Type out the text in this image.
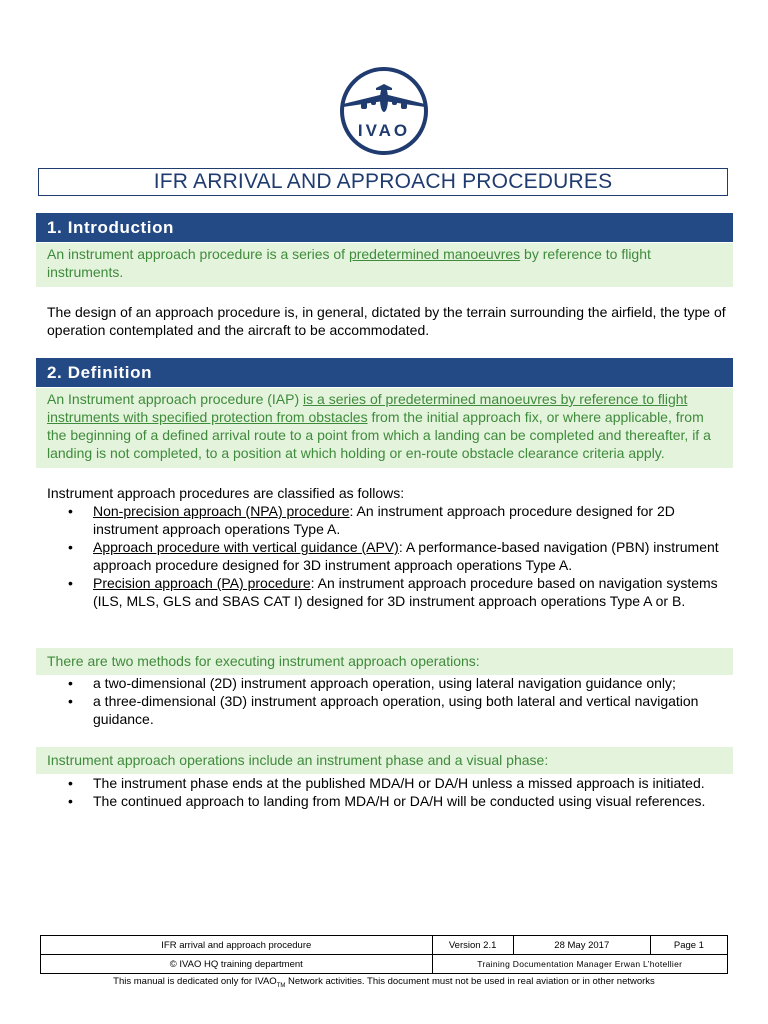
IVAO
IFR ARRIVAL AND APPROACH PROCEDURES
1. Introduction
An instrument approach procedure is a series of predetermined manoeuvres by reference to flight instruments.
The design of an approach procedure is, in general, dictated by the terrain surrounding the airfield, the type of operation contemplated and the aircraft to be accommodated.
2. Definition
An Instrument approach procedure (IAP) is a series of predetermined manoeuvres by reference to flight instruments with specified protection from obstacles from the initial approach fix, or where applicable, from the beginning of a defined arrival route to a point from which a landing can be completed and thereafter, if a landing is not completed, to a position at which holding or en-route obstacle clearance criteria apply.
Instrument approach procedures are classified as follows:
• Non-precision approach (NPA) procedure: An instrument approach procedure designed for 2D instrument approach operations Type A.
• Approach procedure with vertical guidance (APV): A performance-based navigation (PBN) instrument approach procedure designed for 3D instrument approach operations Type A.
• Precision approach (PA) procedure: An instrument approach procedure based on navigation systems (ILS, MLS, GLS and SBAS CAT I) designed for 3D instrument approach operations Type A or B.
There are two methods for executing instrument approach operations:
• a two-dimensional (2D) instrument approach operation, using lateral navigation guidance only;
• a three-dimensional (3D) instrument approach operation, using both lateral and vertical navigation guidance.
Instrument approach operations include an instrument phase and a visual phase:
• The instrument phase ends at the published MDA/H or DA/H unless a missed approach is initiated.
• The continued approach to landing from MDA/H or DA/H will be conducted using visual references.
IFR arrival and approach procedure	Version 2.1	28 May 2017	Page 1
© IVAO HQ training department	Training Documentation Manager Erwan L’hotellier		
This manual is dedicated only for $IVAO_{TM}$ Network activities. This document must not be used in real aviation or in other networks
